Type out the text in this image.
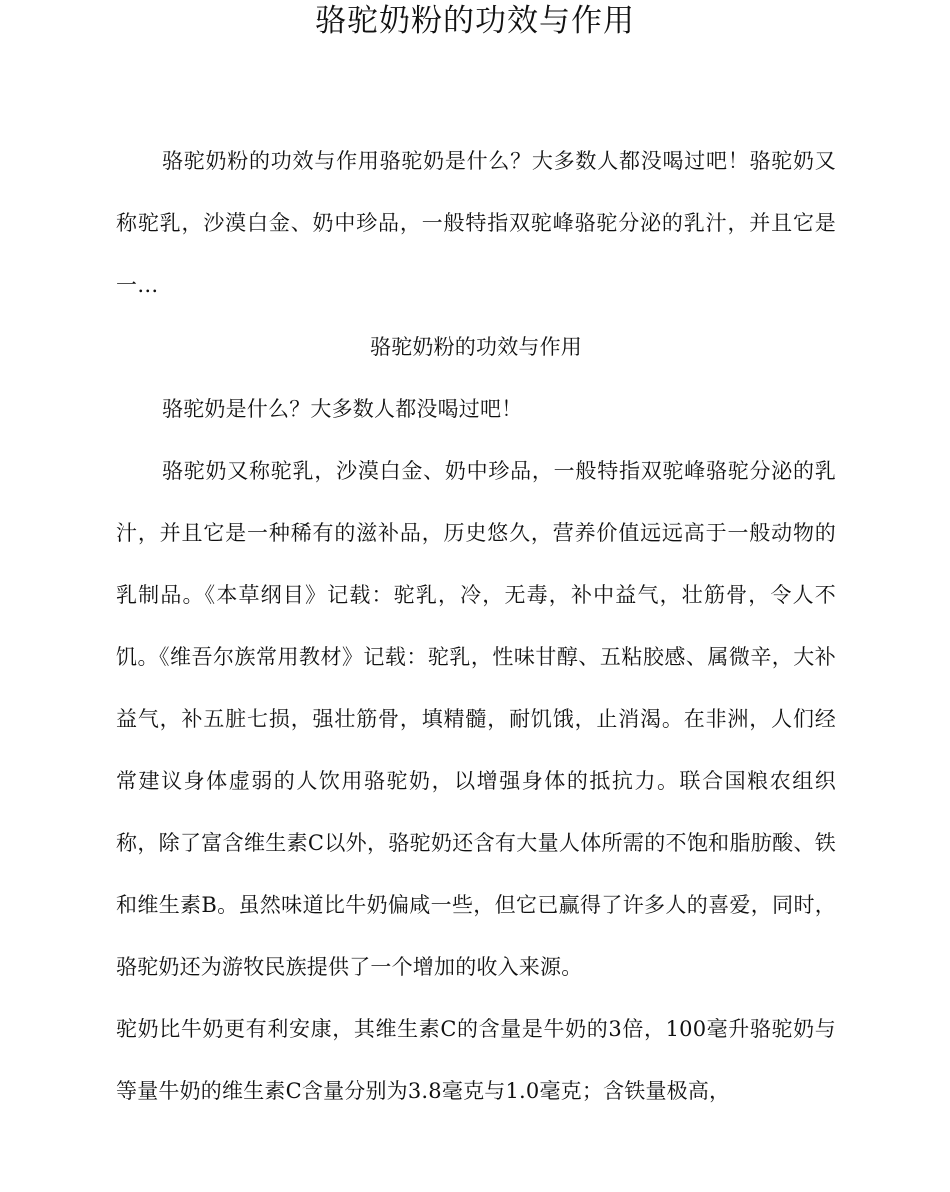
骆驼奶粉的功效与作用

骆驼奶粉的功效与作用骆驼奶是什么？大多数人都没喝过吧！骆驼奶又称驼乳，沙漠白金、奶中珍品，一般特指双驼峰骆驼分泌的乳汁，并且它是一…

骆驼奶粉的功效与作用

骆驼奶是什么？大多数人都没喝过吧！

骆驼奶又称驼乳，沙漠白金、奶中珍品，一般特指双驼峰骆驼分泌的乳汁，并且它是一种稀有的滋补品，历史悠久，营养价值远远高于一般动物的乳制品。《本草纲目》记载：驼乳，冷，无毒，补中益气，壮筋骨，令人不饥。《维吾尔族常用教材》记载：驼乳，性味甘醇、五粘胶感、属微辛，大补益气，补五脏七损，强壮筋骨，填精髓，耐饥饿，止消渴。在非洲，人们经常建议身体虚弱的人饮用骆驼奶，以增强身体的抵抗力。联合国粮农组织称，除了富含维生素C以外，骆驼奶还含有大量人体所需的不饱和脂肪酸、铁和维生素B。虽然味道比牛奶偏咸一些，但它已赢得了许多人的喜爱，同时，骆驼奶还为游牧民族提供了一个增加的收入来源。

驼奶比牛奶更有利安康，其维生素C的含量是牛奶的3倍，100毫升骆驼奶与等量牛奶的维生素C含量分别为3.8毫克与1.0毫克；含铁量极高，
